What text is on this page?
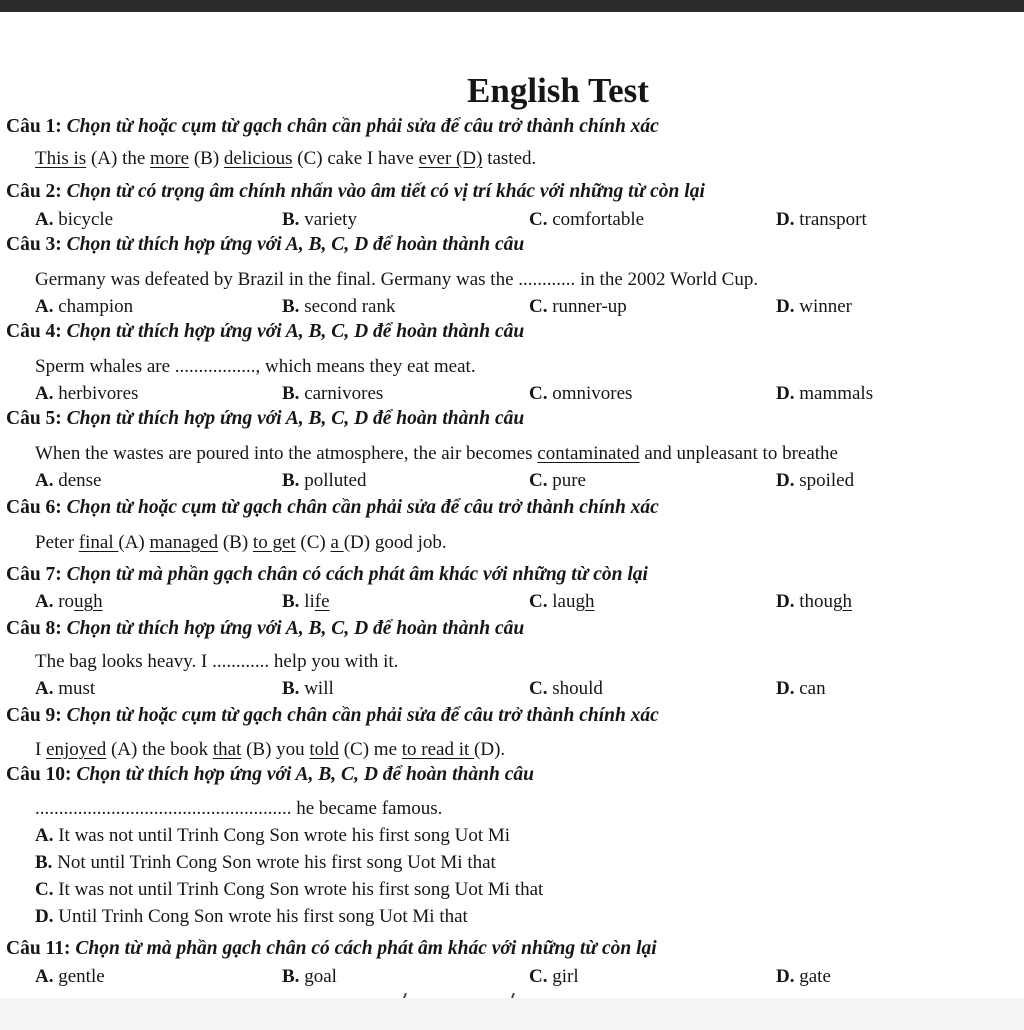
English Test
Câu 1: Chọn từ hoặc cụm từ gạch chân cần phải sửa để câu trở thành chính xác
This is (A) the more (B) delicious (C) cake I have ever (D) tasted.
Câu 2: Chọn từ có trọng âm chính nhấn vào âm tiết có vị trí khác với những từ còn lại
A. bicycle	B. variety	C. comfortable	D. transport
Câu 3: Chọn từ thích hợp ứng với A, B, C, D để hoàn thành câu
Germany was defeated by Brazil in the final. Germany was the ............ in the 2002 World Cup.
A. champion	B. second rank	C. runner-up	D. winner
Câu 4: Chọn từ thích hợp ứng với A, B, C, D để hoàn thành câu
Sperm whales are ................., which means they eat meat.
A. herbivores	B. carnivores	C. omnivores	D. mammals
Câu 5: Chọn từ thích hợp ứng với A, B, C, D để hoàn thành câu
When the wastes are poured into the atmosphere, the air becomes contaminated and unpleasant to breathe
A. dense	B. polluted	C. pure	D. spoiled
Câu 6: Chọn từ hoặc cụm từ gạch chân cần phải sửa để câu trở thành chính xác
Peter final (A) managed (B) to get (C) a (D) good job.
Câu 7: Chọn từ mà phần gạch chân có cách phát âm khác với những từ còn lại
A. rough	B. life	C. laugh	D. though
Câu 8: Chọn từ thích hợp ứng với A, B, C, D để hoàn thành câu
The bag looks heavy. I ............ help you with it.
A. must	B. will	C. should	D. can
Câu 9: Chọn từ hoặc cụm từ gạch chân cần phải sửa để câu trở thành chính xác
I enjoyed (A) the book that (B) you told (C) me to read it (D).
Câu 10: Chọn từ thích hợp ứng với A, B, C, D để hoàn thành câu
...................................................... he became famous.
A. It was not until Trinh Cong Son wrote his first song Uot Mi
B. Not until Trinh Cong Son wrote his first song Uot Mi that
C. It was not until Trinh Cong Son wrote his first song Uot Mi that
D. Until Trinh Cong Son wrote his first song Uot Mi that
Câu 11: Chọn từ mà phần gạch chân có cách phát âm khác với những từ còn lại
A. gentle	B. goal	C. girl	D. gate
